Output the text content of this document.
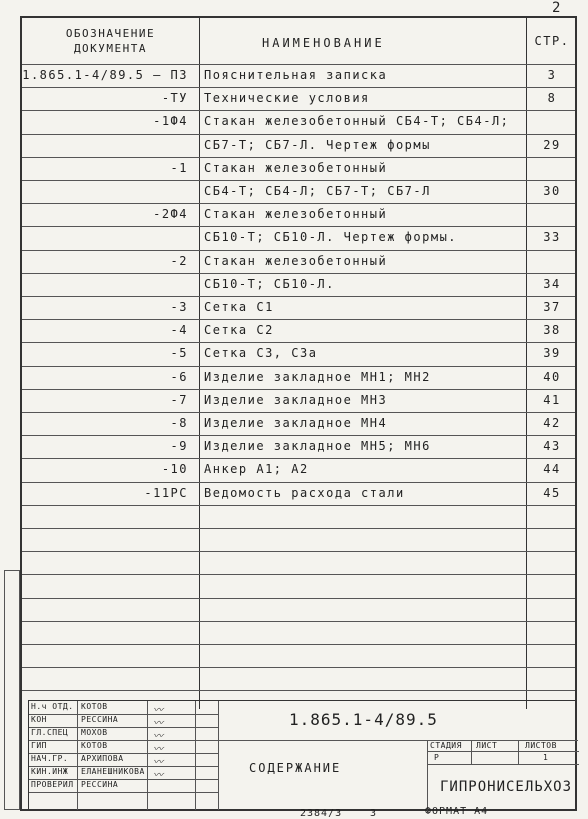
2
ОБОЗНАЧЕНИЕ
ДОКУМЕНТА	НАИМЕНОВАНИЕ	СТР.
1.865.1-4/89.5 – ПЗ Пояснительная записка	3
-ТУ Технические условия	8
-1Ф4 Стакан железобетонный СБ4-Т; СБ4-Л;
СБ7-Т; СБ7-Л. Чертеж формы	29
-1 Стакан железобетонный
СБ4-Т; СБ4-Л; СБ7-Т; СБ7-Л	30
-2Ф4 Стакан железобетонный
СБ10-Т; СБ10-Л. Чертеж формы.	33
-2 Стакан железобетонный
СБ10-Т; СБ10-Л.	34
-3 Сетка С1	37
-4 Сетка С2	38
-5 Сетка С3, С3а	39
-6 Изделие закладное МН1; МН2	40
-7 Изделие закладное МН3	41
-8 Изделие закладное МН4	42
-9 Изделие закладное МН5; МН6	43
-10 Анкер А1; А2	44
-11РС Ведомость расхода стали	45
Н.ч ОТД. КОТОВ	〰
КОН	РЕССИНА	〰
ГЛ.СПЕЦ МОХОВ	〰
ГИП	КОТОВ	〰
НАЧ.ГР. АРХИПОВА	〰
КИН.ИНЖ ЕЛАНЕШНИКОВА 〰
ПРОВЕРИЛ РЕССИНА
1.865.1-4/89.5
СОДЕРЖАНИЕ
СТАДИЯ ЛИСТ	ЛИСТОВ
Р	1
ГИПРОНИСЕЛЬХОЗ
2384/3	3	ФОРМАТ А4
